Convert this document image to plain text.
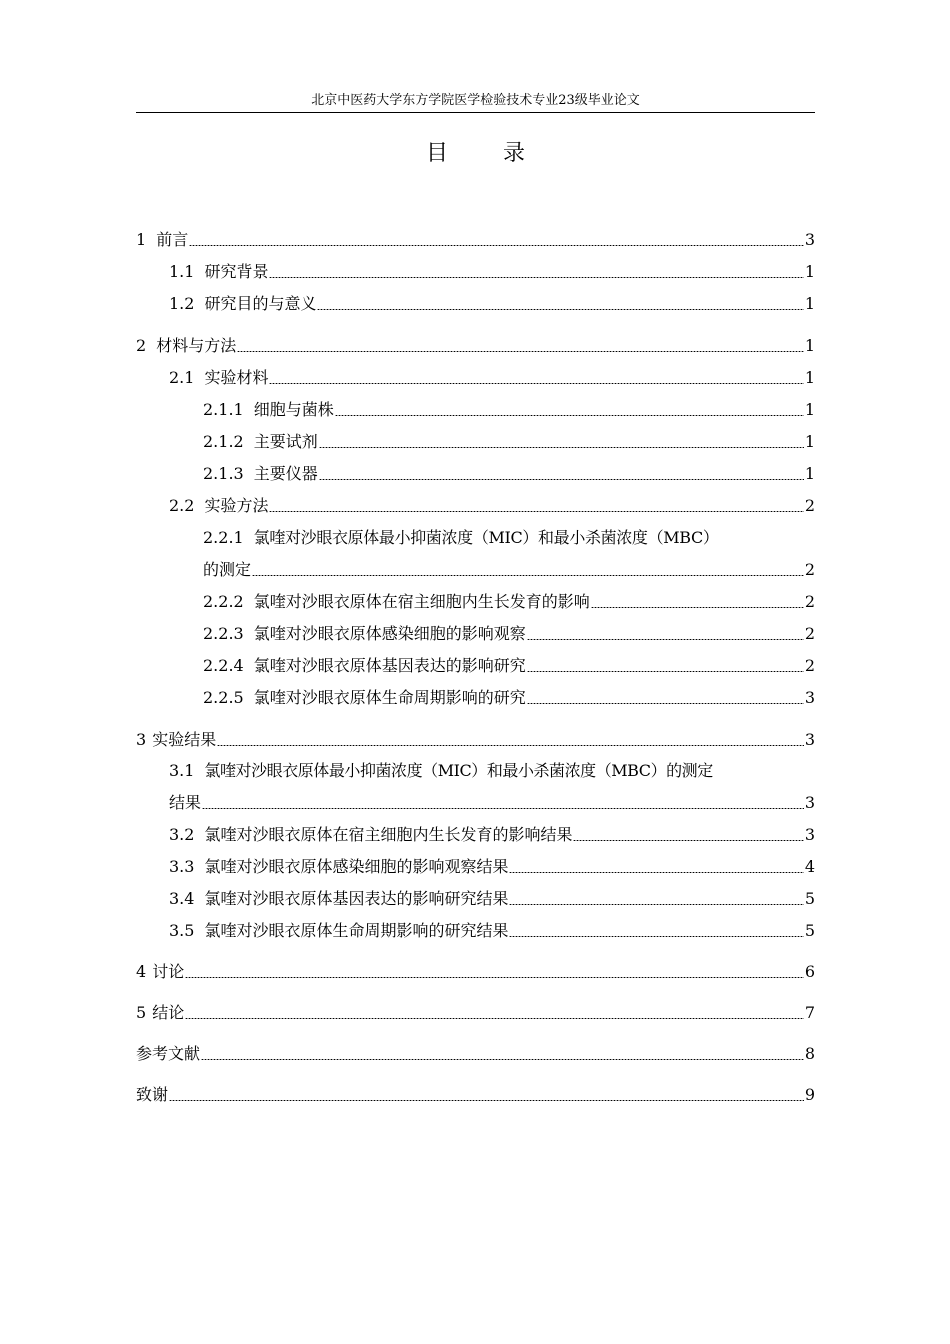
北京中医药大学东方学院医学检验技术专业23级毕业论文
目 录
1 前言	3
1.1 研究背景	1
1.2 研究目的与意义	1
2 材料与方法	1
2.1 实验材料	1
2.1.1 细胞与菌株	1
2.1.2 主要试剂	1
2.1.3 主要仪器	1
2.2 实验方法	2
2.2.1 氯喹对沙眼衣原体最小抑菌浓度（MIC）和最小杀菌浓度（MBC）
的测定	2
2.2.2 氯喹对沙眼衣原体在宿主细胞内生长发育的影响	2
2.2.3 氯喹对沙眼衣原体感染细胞的影响观察	2
2.2.4 氯喹对沙眼衣原体基因表达的影响研究	2
2.2.5 氯喹对沙眼衣原体生命周期影响的研究	3
3 实验结果	3
3.1 氯喹对沙眼衣原体最小抑菌浓度（MIC）和最小杀菌浓度（MBC）的测定
结果	3
3.2 氯喹对沙眼衣原体在宿主细胞内生长发育的影响结果	3
3.3 氯喹对沙眼衣原体感染细胞的影响观察结果	4
3.4 氯喹对沙眼衣原体基因表达的影响研究结果	5
3.5 氯喹对沙眼衣原体生命周期影响的研究结果	5
4 讨论	6
5 结论	7
参考文献	8
致谢	9
